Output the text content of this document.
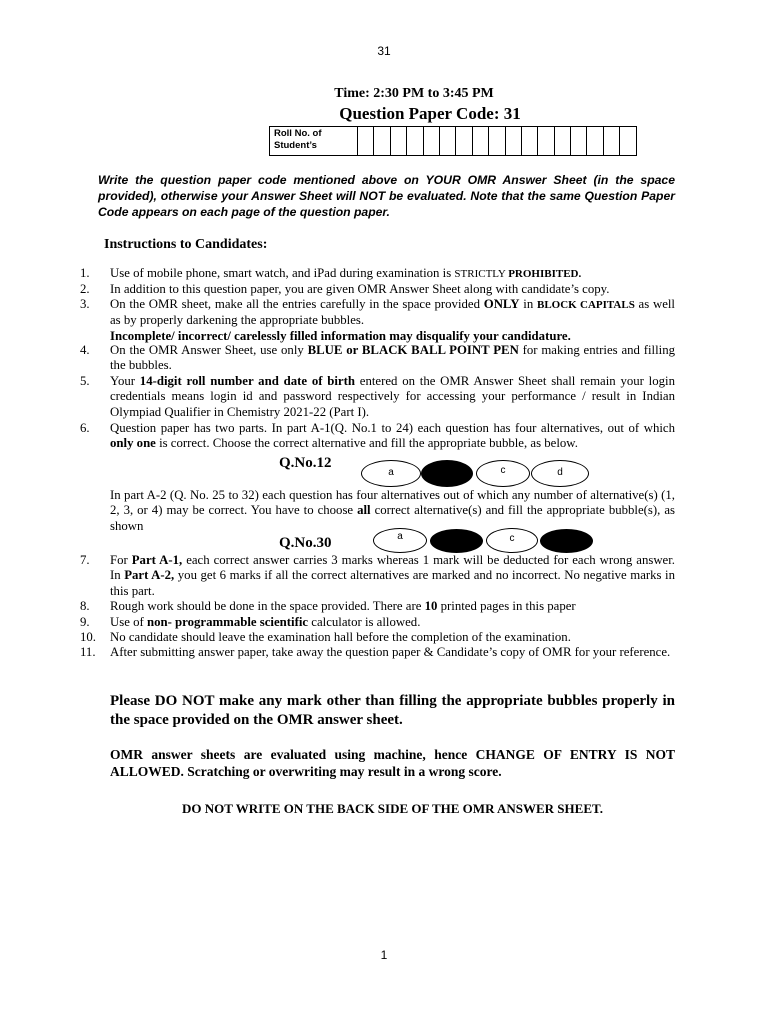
31
Time: 2:30 PM to 3:45 PM
Question Paper Code: 31
Roll No. of
Student’s
Write the question paper code mentioned above on YOUR OMR Answer Sheet (in the space provided), otherwise your Answer Sheet will NOT be evaluated. Note that the same Question Paper Code appears on each page of the question paper.
Instructions to Candidates:
1.	Use of mobile phone, smart watch, and iPad during examination is STRICTLY PROHIBITED.
2.	In addition to this question paper, you are given OMR Answer Sheet along with candidate’s copy.
3.	On the OMR sheet, make all the entries carefully in the space provided ONLY in BLOCK CAPITALS as well as by properly darkening the appropriate bubbles.
Incomplete/ incorrect/ carelessly filled information may disqualify your candidature.
4.	On the OMR Answer Sheet, use only BLUE or BLACK BALL POINT PEN for making entries and filling the bubbles.
5.	Your 14-digit roll number and date of birth entered on the OMR Answer Sheet shall remain your login credentials means login id and password respectively for accessing your performance / result in Indian Olympiad Qualifier in Chemistry 2021-22 (Part I).
6.	Question paper has two parts. In part A-1(Q. No.1 to 24) each question has four alternatives, out of which only one is correct. Choose the correct alternative and fill the appropriate bubble, as below.
Q.No.12
a	c	d
In part A-2 (Q. No. 25 to 32) each question has four alternatives out of which any number of alternative(s) (1, 2, 3, or 4) may be correct. You have to choose all correct alternative(s) and fill the appropriate bubble(s), as shown
Q.No.30	a	c
7.	For Part A-1, each correct answer carries 3 marks whereas 1 mark will be deducted for each wrong answer. In Part A-2, you get 6 marks if all the correct alternatives are marked and no incorrect. No negative marks in this part.
8.	Rough work should be done in the space provided. There are 10 printed pages in this paper
9.	Use of non- programmable scientific calculator is allowed.
10.	No candidate should leave the examination hall before the completion of the examination.
11.	After submitting answer paper, take away the question paper & Candidate’s copy of OMR for your reference.
Please DO NOT make any mark other than filling the appropriate bubbles properly in the space provided on the OMR answer sheet.
OMR answer sheets are evaluated using machine, hence CHANGE OF ENTRY IS NOT ALLOWED. Scratching or overwriting may result in a wrong score.
DO NOT WRITE ON THE BACK SIDE OF THE OMR ANSWER SHEET.
1
